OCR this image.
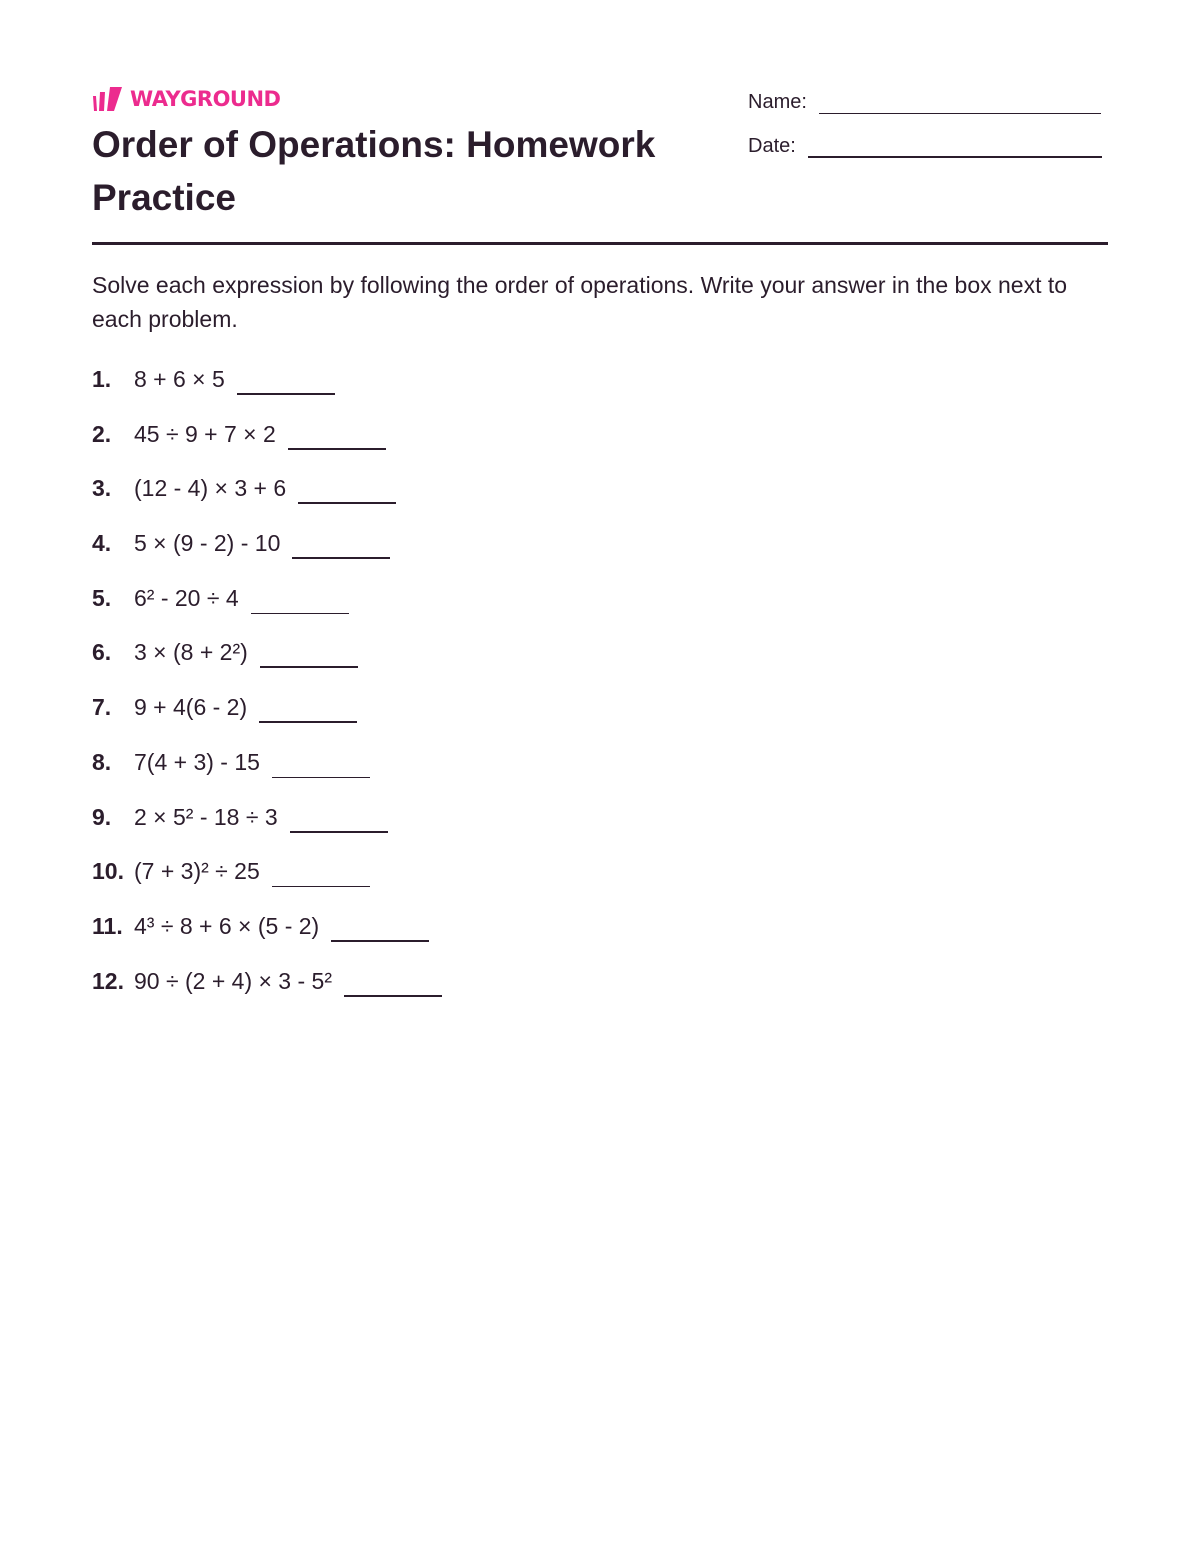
WAYGROUND
Order of Operations: Homework Practice
Name:
Date:

Solve each expression by following the order of operations. Write your answer in the box next to each problem.

1. 8 + 6 × 5
2. 45 ÷ 9 + 7 × 2
3. (12 - 4) × 3 + 6
4. 5 × (9 - 2) - 10
5. 6² - 20 ÷ 4
6. 3 × (8 + 2²)
7. 9 + 4(6 - 2)
8. 7(4 + 3) - 15
9. 2 × 5² - 18 ÷ 3
10. (7 + 3)² ÷ 25
11. 4³ ÷ 8 + 6 × (5 - 2)
12. 90 ÷ (2 + 4) × 3 - 5²
